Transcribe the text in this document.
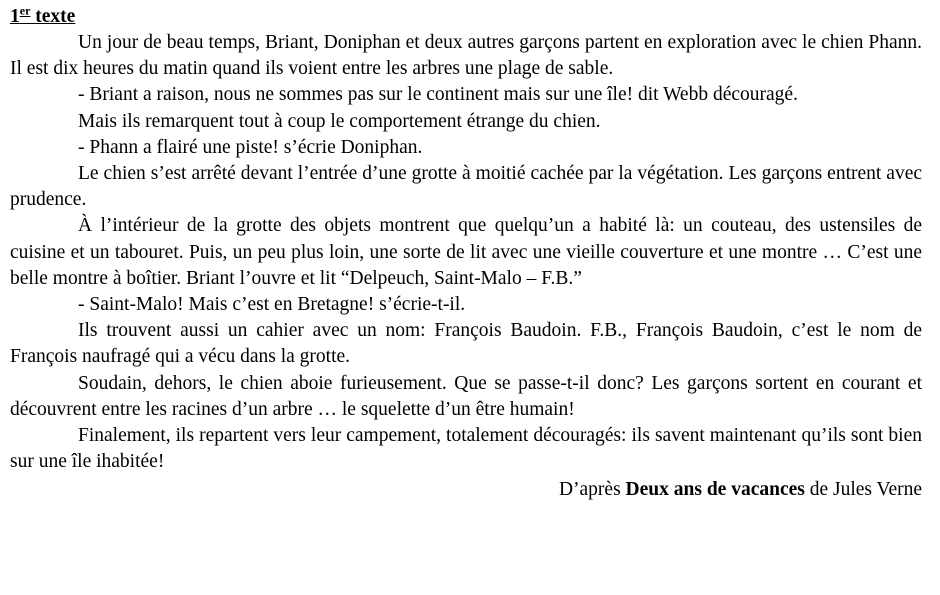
1er texte

Un jour de beau temps, Briant, Doniphan et deux autres garçons partent en exploration avec le chien Phann. Il est dix heures du matin quand ils voient entre les arbres une plage de sable.

- Briant a raison, nous ne sommes pas sur le continent mais sur une île! dit Webb découragé.

Mais ils remarquent tout à coup le comportement étrange du chien.

- Phann a flairé une piste! s’écrie Doniphan.

Le chien s’est arrêté devant l’entrée d’une grotte à moitié cachée par la végétation. Les garçons entrent avec prudence.

À l’intérieur de la grotte des objets montrent que quelqu’un a habité là: un couteau, des ustensiles de cuisine et un tabouret. Puis, un peu plus loin, une sorte de lit avec une vieille couverture et une montre … C’est une belle montre à boîtier. Briant l’ouvre et lit “Delpeuch, Saint-Malo – F.B.”

- Saint-Malo! Mais c’est en Bretagne! s’écrie-t-il.

Ils trouvent aussi un cahier avec un nom: François Baudoin. F.B., François Baudoin, c’est le nom de François naufragé qui a vécu dans la grotte.

Soudain, dehors, le chien aboie furieusement. Que se passe-t-il donc? Les garçons sortent en courant et découvrent entre les racines d’un arbre … le squelette d’un être humain!

Finalement, ils repartent vers leur campement, totalement découragés: ils savent maintenant qu’ils sont bien sur une île ihabitée!

D’après Deux ans de vacances de Jules Verne
